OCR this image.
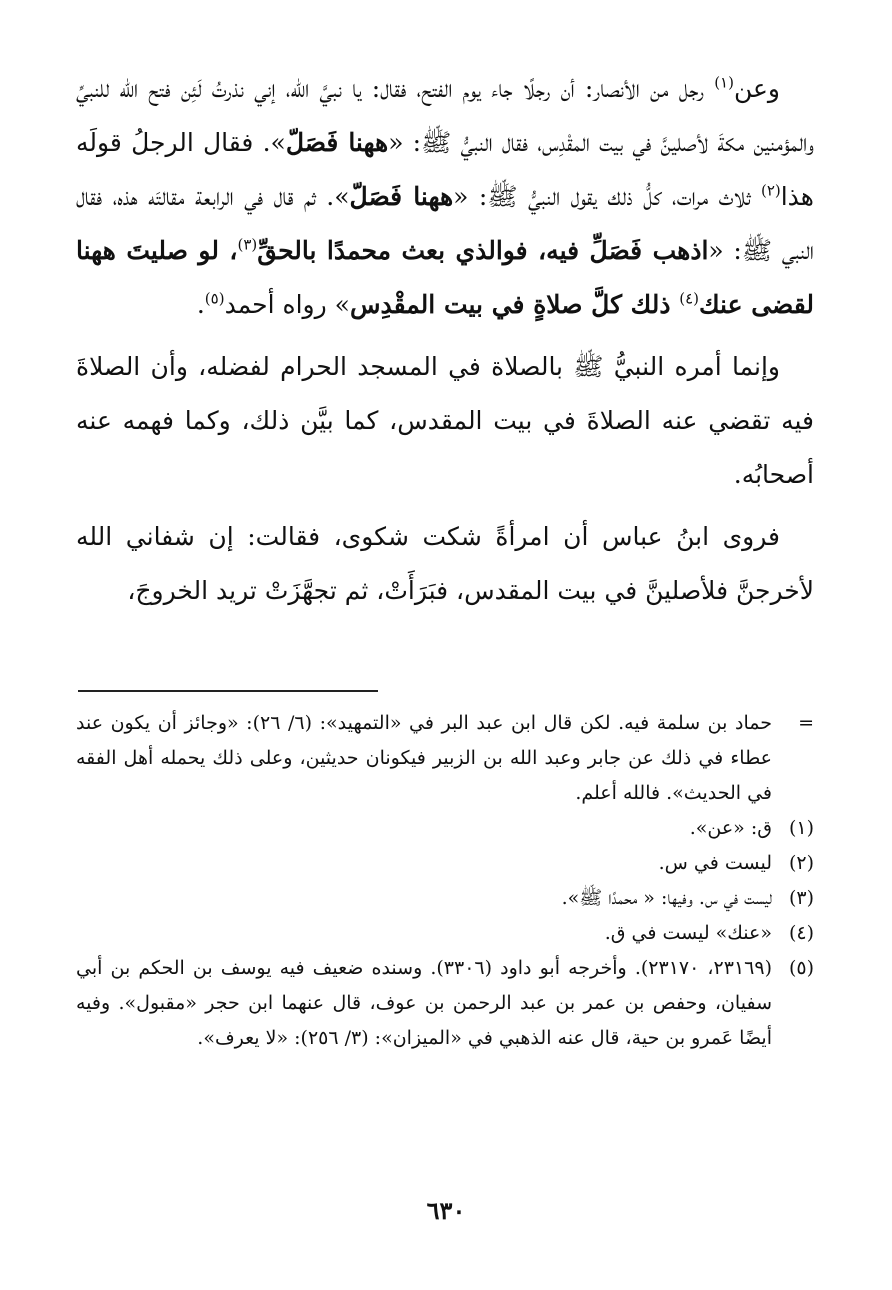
وعن$^{(١)}$ رجل من الأنصار: أن رجلًا جاء يوم الفتح، فقال: يا نبيَّ الله، إني نذرتُ لَئِن فتح الله للنبيِّ والمؤمنين مكةَ لأصلينَّ في بيت المقْدِس، فقال النبيُّ ﷺ: «ههنا فَصَلّ». فقال الرجلُ قولَه هذا$^{(٢)}$ ثلاث مرات، كلُّ ذلك يقول النبيُّ ﷺ: «ههنا فَصَلّ». ثم قال في الرابعة مقالتَه هذه، فقال النبي ﷺ: «اذهب فَصَلِّ فيه، فوالذي بعث محمدًا بالحقِّ$^{(٣)}$، لو صليتَ ههنا لقضى عنك$^{(٤)}$ ذلك كلَّ صلاةٍ في بيت المقْدِس» رواه أحمد$^{(٥)}$.

وإنما أمره النبيُّ ﷺ بالصلاة في المسجد الحرام لفضله، وأن الصلاةَ فيه تقضي عنه الصلاةَ في بيت المقدس، كما بيَّن ذلك، وكما فهمه عنه أصحابُه.

فروى ابنُ عباس أن امرأةً شكت شكوى، فقالت: إن شفاني الله لأخرجنَّ فلأصلينَّ في بيت المقدس، فبَرَأَتْ، ثم تجهَّزَتْ تريد الخروجَ،

=
حماد بن سلمة فيه. لكن قال ابن عبد البر في «التمهيد»: (٦/ ٢٦): «وجائز أن يكون عند عطاء في ذلك عن جابر وعبد الله بن الزبير فيكونان حديثين، وعلى ذلك يحمله أهل الفقه في الحديث». فالله أعلم.
(١)
ق: «عن».
(٢)
ليست في س.
(٣)
ليست في س. وفيها: « محمدًا ﷺ».
(٤)
«عنك» ليست في ق.
(٥)
(٢٣١٦٩، ٢٣١٧٠). وأخرجه أبو داود (٣٣٠٦). وسنده ضعيف فيه يوسف بن الحكم بن أبي سفيان، وحفص بن عمر بن عبد الرحمن بن عوف، قال عنهما ابن حجر «مقبول». وفيه أيضًا عَمرو بن حية، قال عنه الذهبي في «الميزان»: (٣/ ٢٥٦): «لا يعرف».
٦٣٠
